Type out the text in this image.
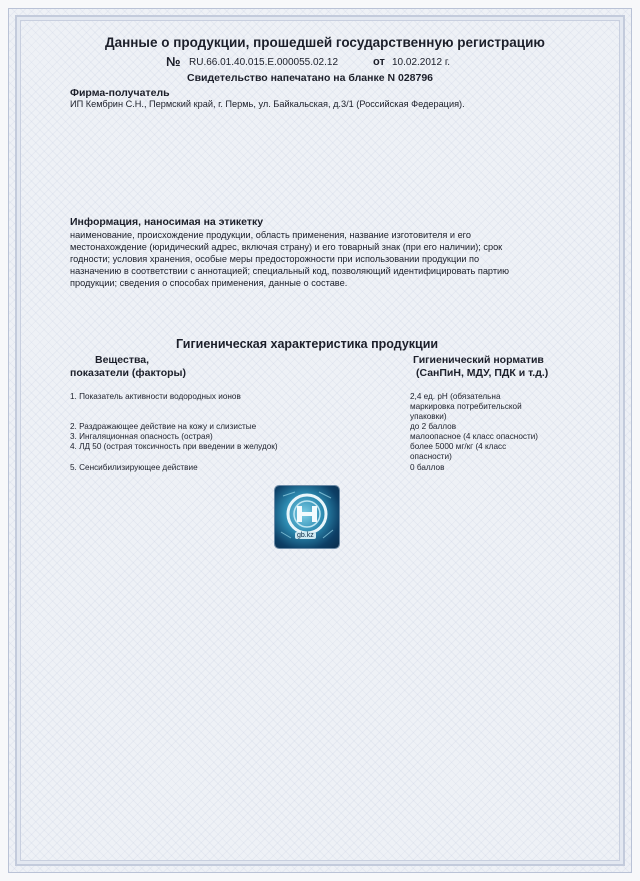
Данные о продукции, прошедшей государственную регистрацию
№ RU.66.01.40.015.Е.000055.02.12	от 10.02.2012 г.
Свидетельство напечатано на бланке N 028796
Фирма-получатель
ИП Кембрин С.Н., Пермский край, г. Пермь, ул. Байкальская, д.3/1 (Российская Федерация).
Информация, наносимая на этикетку
наименование, происхождение продукции, область применения, название изготовителя и его
местонахождение (юридический адрес, включая страну) и его товарный знак (при его наличии); срок
годности; условия хранения, особые меры предосторожности при использовании продукции по
назначению в соответствии с аннотацией; специальный код, позволяющий идентифицировать партию
продукции; сведения о способах применения, данные о составе.
Гигиеническая характеристика продукции
Вещества,
показатели (факторы)
Гигиенический норматив
(СанПиН, МДУ, ПДК и т.д.)
1. Показатель активности водородных ионов	2,4 ед. pH (обязательна
маркировка потребительской
упаковки)
2. Раздражающее действие на кожу и слизистые	до 2 баллов
3. Ингаляционная опасность (острая)	малоопасное (4 класс опасности)
4. ЛД 50 (острая токсичность при введении в желудок)	более 5000 мг/кг (4 класс
опасности)
5. Сенсибилизирующее действие	0 баллов
gb.kz
